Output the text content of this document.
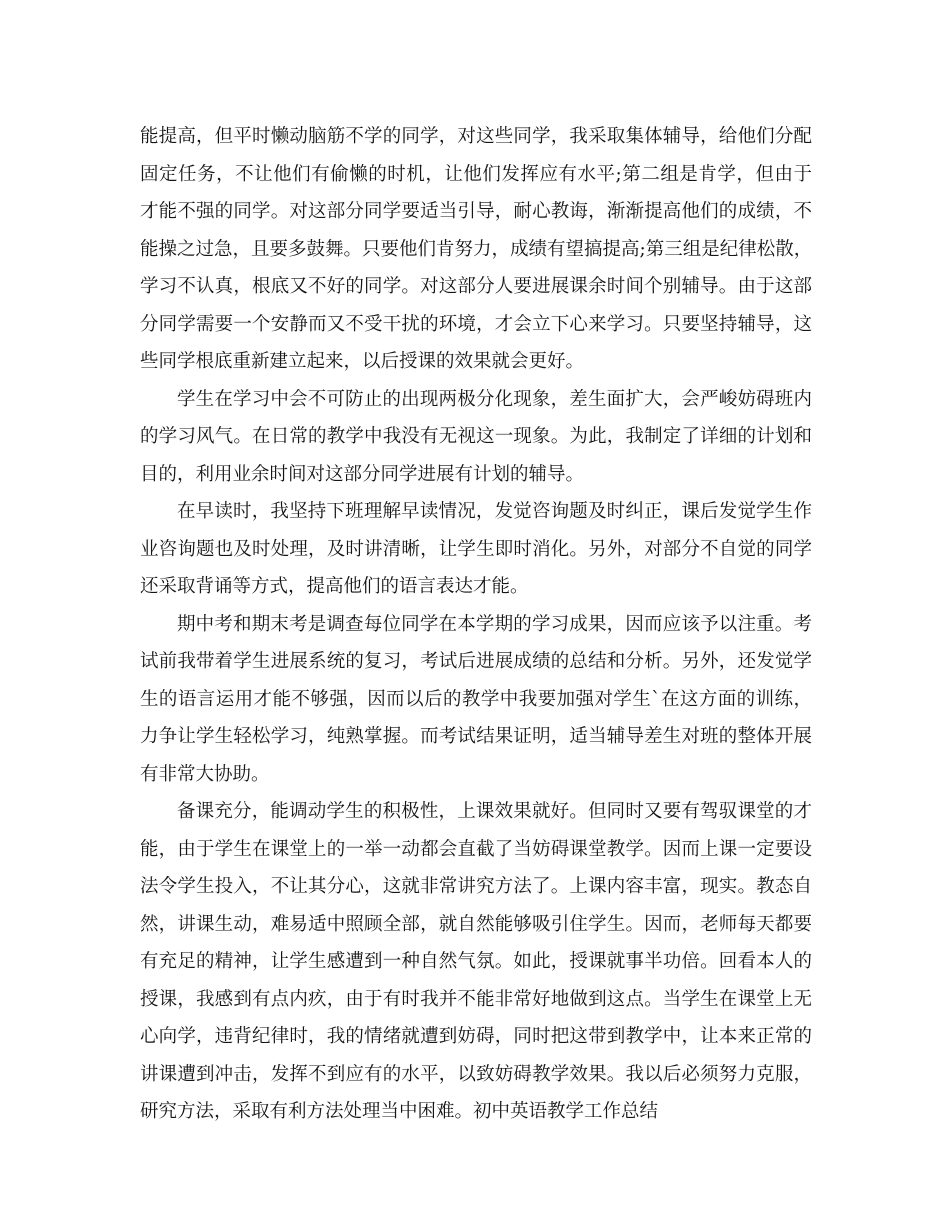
能提高，但平时懒动脑筋不学的同学，对这些同学，我采取集体辅导，给他们分配
固定任务，不让他们有偷懒的时机，让他们发挥应有水平;第二组是肯学，但由于
才能不强的同学。对这部分同学要适当引导，耐心教诲，渐渐提高他们的成绩，不
能操之过急，且要多鼓舞。只要他们肯努力，成绩有望搞提高;第三组是纪律松散，
学习不认真，根底又不好的同学。对这部分人要进展课余时间个别辅导。由于这部
分同学需要一个安静而又不受干扰的环境，才会立下心来学习。只要坚持辅导，这
些同学根底重新建立起来，以后授课的效果就会更好。
学生在学习中会不可防止的出现两极分化现象，差生面扩大，会严峻妨碍班内
的学习风气。在日常的教学中我没有无视这一现象。为此，我制定了详细的计划和
目的，利用业余时间对这部分同学进展有计划的辅导。
在早读时，我坚持下班理解早读情况，发觉咨询题及时纠正，课后发觉学生作
业咨询题也及时处理，及时讲清晰，让学生即时消化。另外，对部分不自觉的同学
还采取背诵等方式，提高他们的语言表达才能。
期中考和期末考是调查每位同学在本学期的学习成果，因而应该予以注重。考
试前我带着学生进展系统的复习，考试后进展成绩的总结和分析。另外，还发觉学
生的语言运用才能不够强，因而以后的教学中我要加强对学生`在这方面的训练，
力争让学生轻松学习，纯熟掌握。而考试结果证明，适当辅导差生对班的整体开展
有非常大协助。
备课充分，能调动学生的积极性，上课效果就好。但同时又要有驾驭课堂的才
能，由于学生在课堂上的一举一动都会直截了当妨碍课堂教学。因而上课一定要设
法令学生投入，不让其分心，这就非常讲究方法了。上课内容丰富，现实。教态自
然，讲课生动，难易适中照顾全部，就自然能够吸引住学生。因而，老师每天都要
有充足的精神，让学生感遭到一种自然气氛。如此，授课就事半功倍。回看本人的
授课，我感到有点内疚，由于有时我并不能非常好地做到这点。当学生在课堂上无
心向学，违背纪律时，我的情绪就遭到妨碍，同时把这带到教学中，让本来正常的
讲课遭到冲击，发挥不到应有的水平，以致妨碍教学效果。我以后必须努力克服，
研究方法，采取有利方法处理当中困难。初中英语教学工作总结
